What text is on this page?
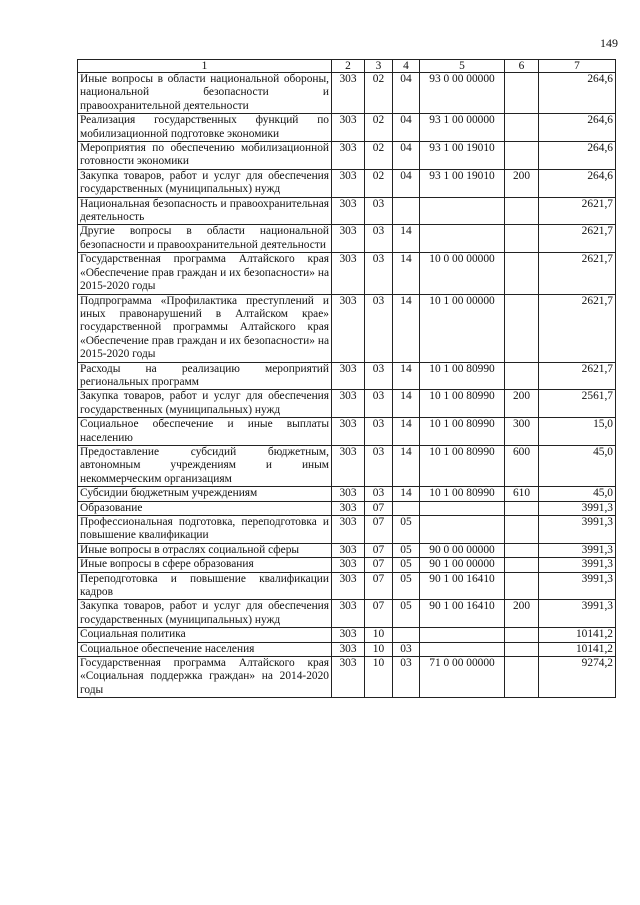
149
1	2	3	4	5	6	7
Иные вопросы в области национальной обороны, национальной безопасности и правоохранительной деятельности	303	02	04	93 0 00 00000		264,6
Реализация государственных функций по мобилизационной подготовке экономики	303	02	04	93 1 00 00000		264,6
Мероприятия по обеспечению мобилизационной готовности экономики	303	02	04	93 1 00 19010		264,6
Закупка товаров, работ и услуг для обеспечения государственных (муниципальных) нужд	303	02	04	93 1 00 19010	200	264,6
Национальная безопасность и правоохранительная деятельность	303	03				2621,7
Другие вопросы в области национальной безопасности и правоохранительной деятельности	303	03	14			2621,7
Государственная программа Алтайского края «Обеспечение прав граждан и их безопасности» на 2015-2020 годы	303	03	14	10 0 00 00000		2621,7
Подпрограмма «Профилактика преступлений и иных правонарушений в Алтайском крае» государственной программы Алтайского края «Обеспечение прав граждан и их безопасности» на 2015-2020 годы	303	03	14	10 1 00 00000		2621,7
Расходы на реализацию мероприятий региональных программ	303	03	14	10 1 00 80990		2621,7
Закупка товаров, работ и услуг для обеспечения государственных (муниципальных) нужд	303	03	14	10 1 00 80990	200	2561,7
Социальное обеспечение и иные выплаты населению	303	03	14	10 1 00 80990	300	15,0
Предоставление субсидий бюджетным, автономным учреждениям и иным некоммерческим организациям	303	03	14	10 1 00 80990	600	45,0
Субсидии бюджетным учреждениям	303	03	14	10 1 00 80990	610	45,0
Образование	303	07				3991,3
Профессиональная подготовка, переподготовка и повышение квалификации	303	07	05			3991,3
Иные вопросы в отраслях социальной сферы	303	07	05	90 0 00 00000		3991,3
Иные вопросы в сфере образования	303	07	05	90 1 00 00000		3991,3
Переподготовка и повышение квалификации кадров	303	07	05	90 1 00 16410		3991,3
Закупка товаров, работ и услуг для обеспечения государственных (муниципальных) нужд	303	07	05	90 1 00 16410	200	3991,3
Социальная политика	303	10				10141,2
Социальное обеспечение населения	303	10	03			10141,2
Государственная программа Алтайского края «Социальная поддержка граждан» на 2014-2020 годы	303	10	03	71 0 00 00000		9274,2
